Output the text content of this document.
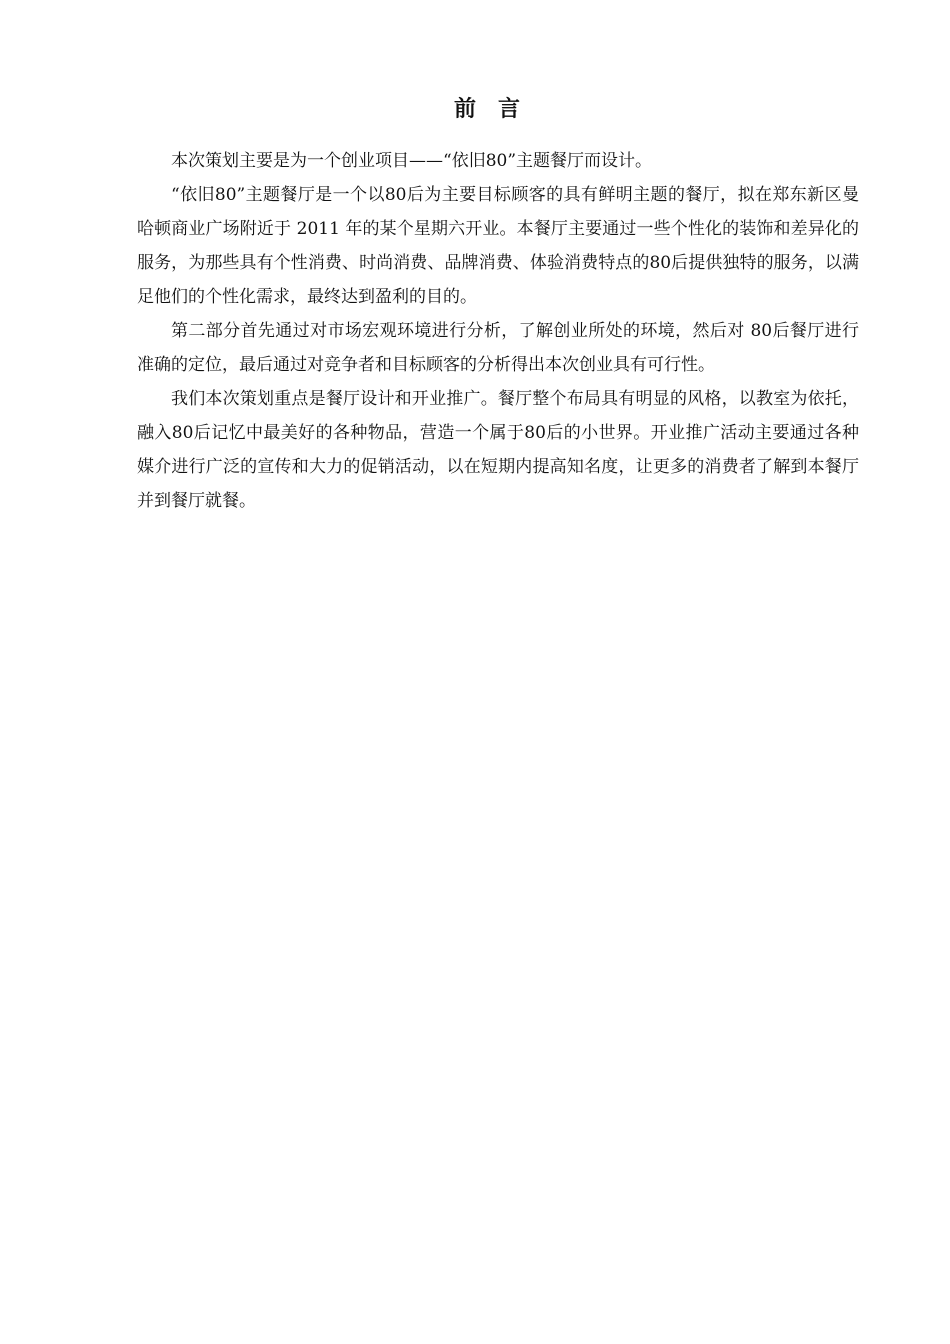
前言

本次策划主要是为一个创业项目——“依旧80”主题餐厅而设计。

“依旧80”主题餐厅是一个以80后为主要目标顾客的具有鲜明主题的餐厅，拟在郑东新区曼哈顿商业广场附近于 2011 年的某个星期六开业。本餐厅主要通过一些个性化的装饰和差异化的服务，为那些具有个性消费、时尚消费、品牌消费、体验消费特点的80后提供独特的服务，以满足他们的个性化需求，最终达到盈利的目的。

第二部分首先通过对市场宏观环境进行分析，了解创业所处的环境，然后对 80后餐厅进行准确的定位，最后通过对竞争者和目标顾客的分析得出本次创业具有可行性。

我们本次策划重点是餐厅设计和开业推广。餐厅整个布局具有明显的风格，以教室为依托，融入80后记忆中最美好的各种物品，营造一个属于80后的小世界。开业推广活动主要通过各种媒介进行广泛的宣传和大力的促销活动，以在短期内提高知名度，让更多的消费者了解到本餐厅并到餐厅就餐。
